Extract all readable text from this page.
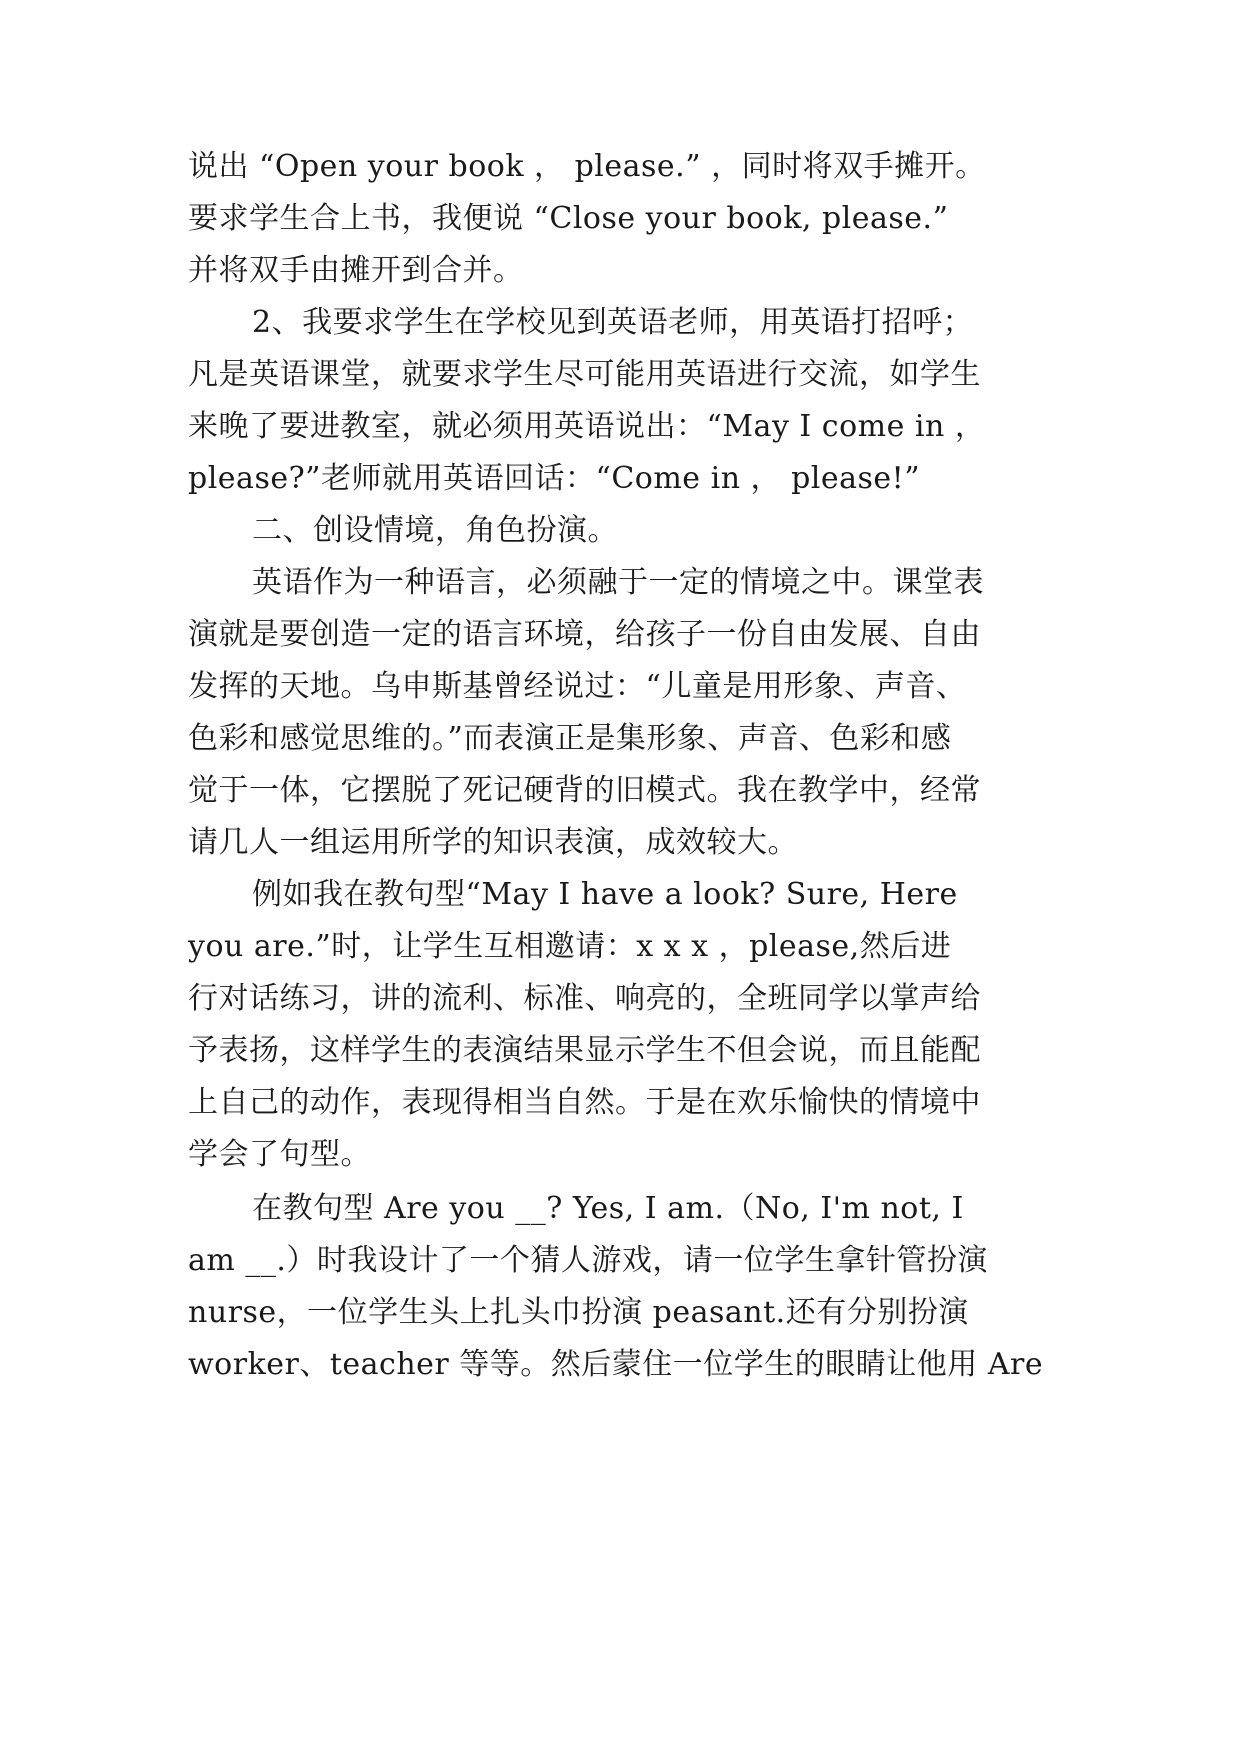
说出 “Open your book ， please.” ，同时将双手摊开。
要求学生合上书，我便说 “Close your book, please.”
并将双手由摊开到合并。
2、我要求学生在学校见到英语老师，用英语打招呼；
凡是英语课堂，就要求学生尽可能用英语进行交流，如学生
来晚了要进教室，就必须用英语说出：“May I come in ，
please?”老师就用英语回话：“Come in ， please!”
二、创设情境，角色扮演。
英语作为一种语言，必须融于一定的情境之中。课堂表
演就是要创造一定的语言环境，给孩子一份自由发展、自由
发挥的天地。乌申斯基曾经说过：“儿童是用形象、声音、
色彩和感觉思维的。”而表演正是集形象、声音、色彩和感
觉于一体，它摆脱了死记硬背的旧模式。我在教学中，经常
请几人一组运用所学的知识表演，成效较大。
例如我在教句型“May I have a look? Sure, Here
you are.”时，让学生互相邀请：x x x ，please,然后进
行对话练习，讲的流利、标准、响亮的，全班同学以掌声给
予表扬，这样学生的表演结果显示学生不但会说，而且能配
上自己的动作，表现得相当自然。于是在欢乐愉快的情境中
学会了句型。
在教句型 Are you __? Yes, I am.（No, I'm not, I
am __.）时我设计了一个猜人游戏，请一位学生拿针管扮演
nurse，一位学生头上扎头巾扮演 peasant.还有分别扮演
worker、teacher 等等。然后蒙住一位学生的眼睛让他用 Are
